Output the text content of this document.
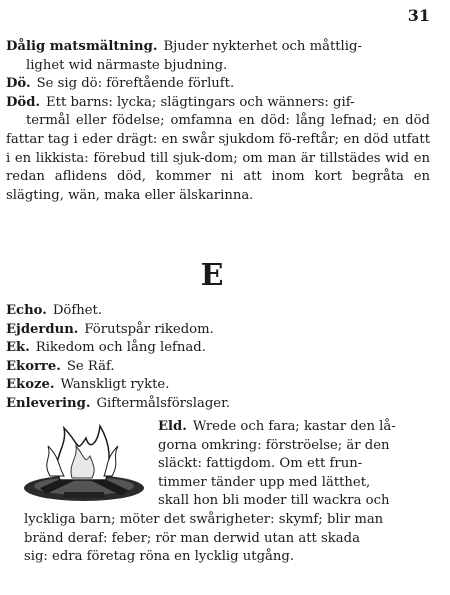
31

Dålig matsmältning. Bjuder nykterhet och måttlig-
lighet wid närmaste bjudning.

Dö. Se sig dö: föreftående förluft.

Död. Ett barns: lycka; slägtingars och wänners: gif-
termål eller födelse; omfamna en död: lång lefnad; en död fattar tag i eder drägt: en swår sjukdom fö-reftår; en död utfatt i en likkista: förebud till sjuk-dom; om man är tillstädes wid en redan aflidens död, kommer ni att inom kort begråta en slägting, wän, maka eller älskarinna.

E

Echo. Döfhet.

Ejderdun. Förutspår rikedom.

Ek. Rikedom och lång lefnad.

Ekorre. Se Räf.

Ekoze. Wanskligt rykte.

Enlevering. Giftermålsförslager.

Eld. Wrede och fara; kastar den lå-
gorna omkring: förströelse; är den
släckt: fattigdom. Om ett frun-
timmer tänder upp med lätthet,
skall hon bli moder till wackra och
lyckliga barn; möter det swårigheter: skymf; blir man
bränd deraf: feber; rör man derwid utan att skada
sig: edra företag röna en lycklig utgång.
